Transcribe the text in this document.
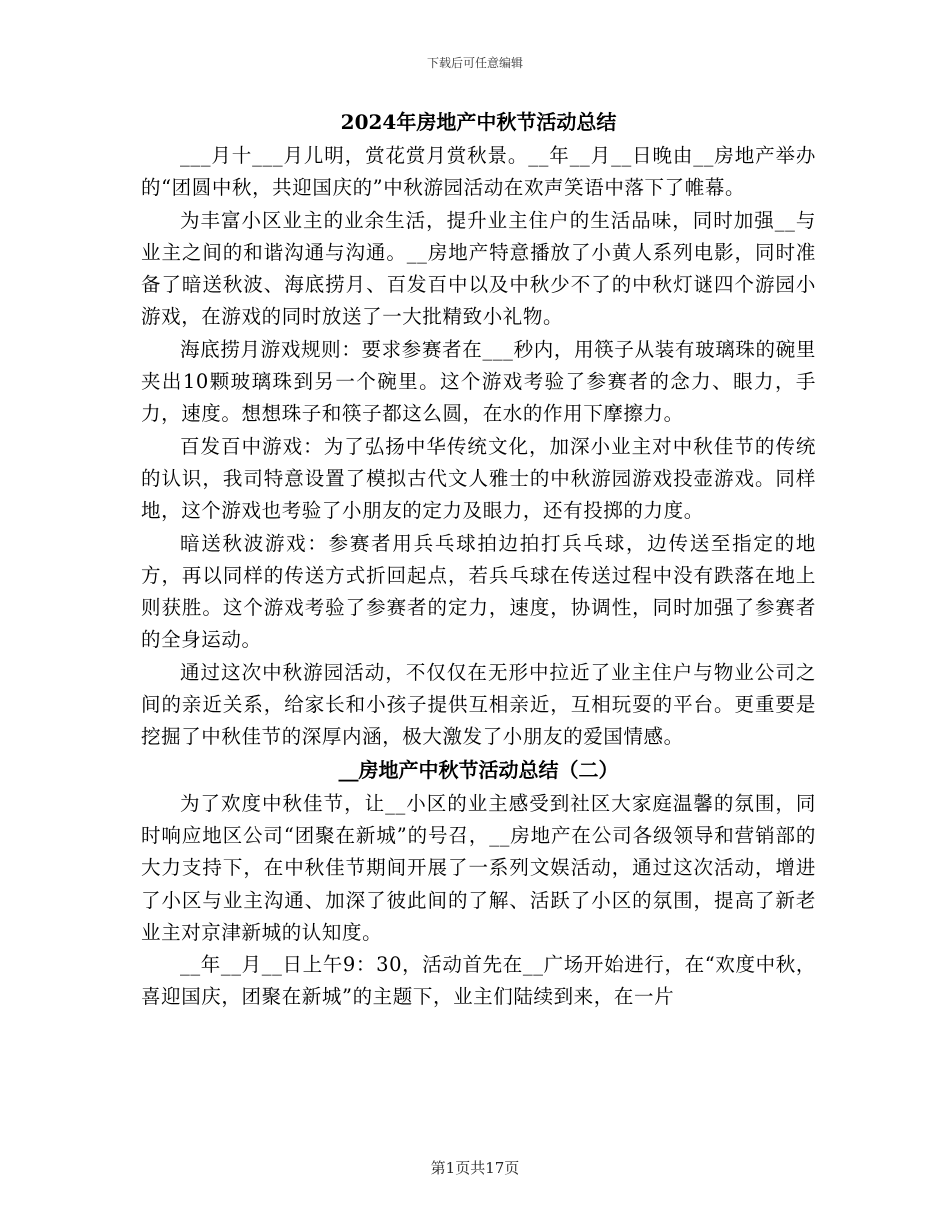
下载后可任意编辑
2024年房地产中秋节活动总结

___月十___月儿明，赏花赏月赏秋景。__年__月__日晚由__房地产举办的“团圆中秋，共迎国庆的”中秋游园活动在欢声笑语中落下了帷幕。

为丰富小区业主的业余生活，提升业主住户的生活品味，同时加强__与业主之间的和谐沟通与沟通。__房地产特意播放了小黄人系列电影，同时准备了暗送秋波、海底捞月、百发百中以及中秋少不了的中秋灯谜四个游园小游戏，在游戏的同时放送了一大批精致小礼物。

海底捞月游戏规则：要求参赛者在___秒内，用筷子从装有玻璃珠的碗里夹出10颗玻璃珠到另一个碗里。这个游戏考验了参赛者的念力、眼力，手力，速度。想想珠子和筷子都这么圆，在水的作用下摩擦力。

百发百中游戏：为了弘扬中华传统文化，加深小业主对中秋佳节的传统的认识，我司特意设置了模拟古代文人雅士的中秋游园游戏投壶游戏。同样地，这个游戏也考验了小朋友的定力及眼力，还有投掷的力度。

暗送秋波游戏：参赛者用兵乓球拍边拍打兵乓球，边传送至指定的地方，再以同样的传送方式折回起点，若兵乓球在传送过程中没有跌落在地上则获胜。这个游戏考验了参赛者的定力，速度，协调性，同时加强了参赛者的全身运动。

通过这次中秋游园活动，不仅仅在无形中拉近了业主住户与物业公司之间的亲近关系，给家长和小孩子提供互相亲近，互相玩耍的平台。更重要是挖掘了中秋佳节的深厚内涵，极大激发了小朋友的爱国情感。

__房地产中秋节活动总结（二）

为了欢度中秋佳节，让__小区的业主感受到社区大家庭温馨的氛围，同时响应地区公司“团聚在新城”的号召，__房地产在公司各级领导和营销部的大力支持下，在中秋佳节期间开展了一系列文娱活动，通过这次活动，增进了小区与业主沟通、加深了彼此间的了解、活跃了小区的氛围，提高了新老业主对京津新城的认知度。

__年__月__日上午9：30，活动首先在__广场开始进行，在“欢度中秋，喜迎国庆，团聚在新城”的主题下，业主们陆续到来，在一片

第1页共17页
